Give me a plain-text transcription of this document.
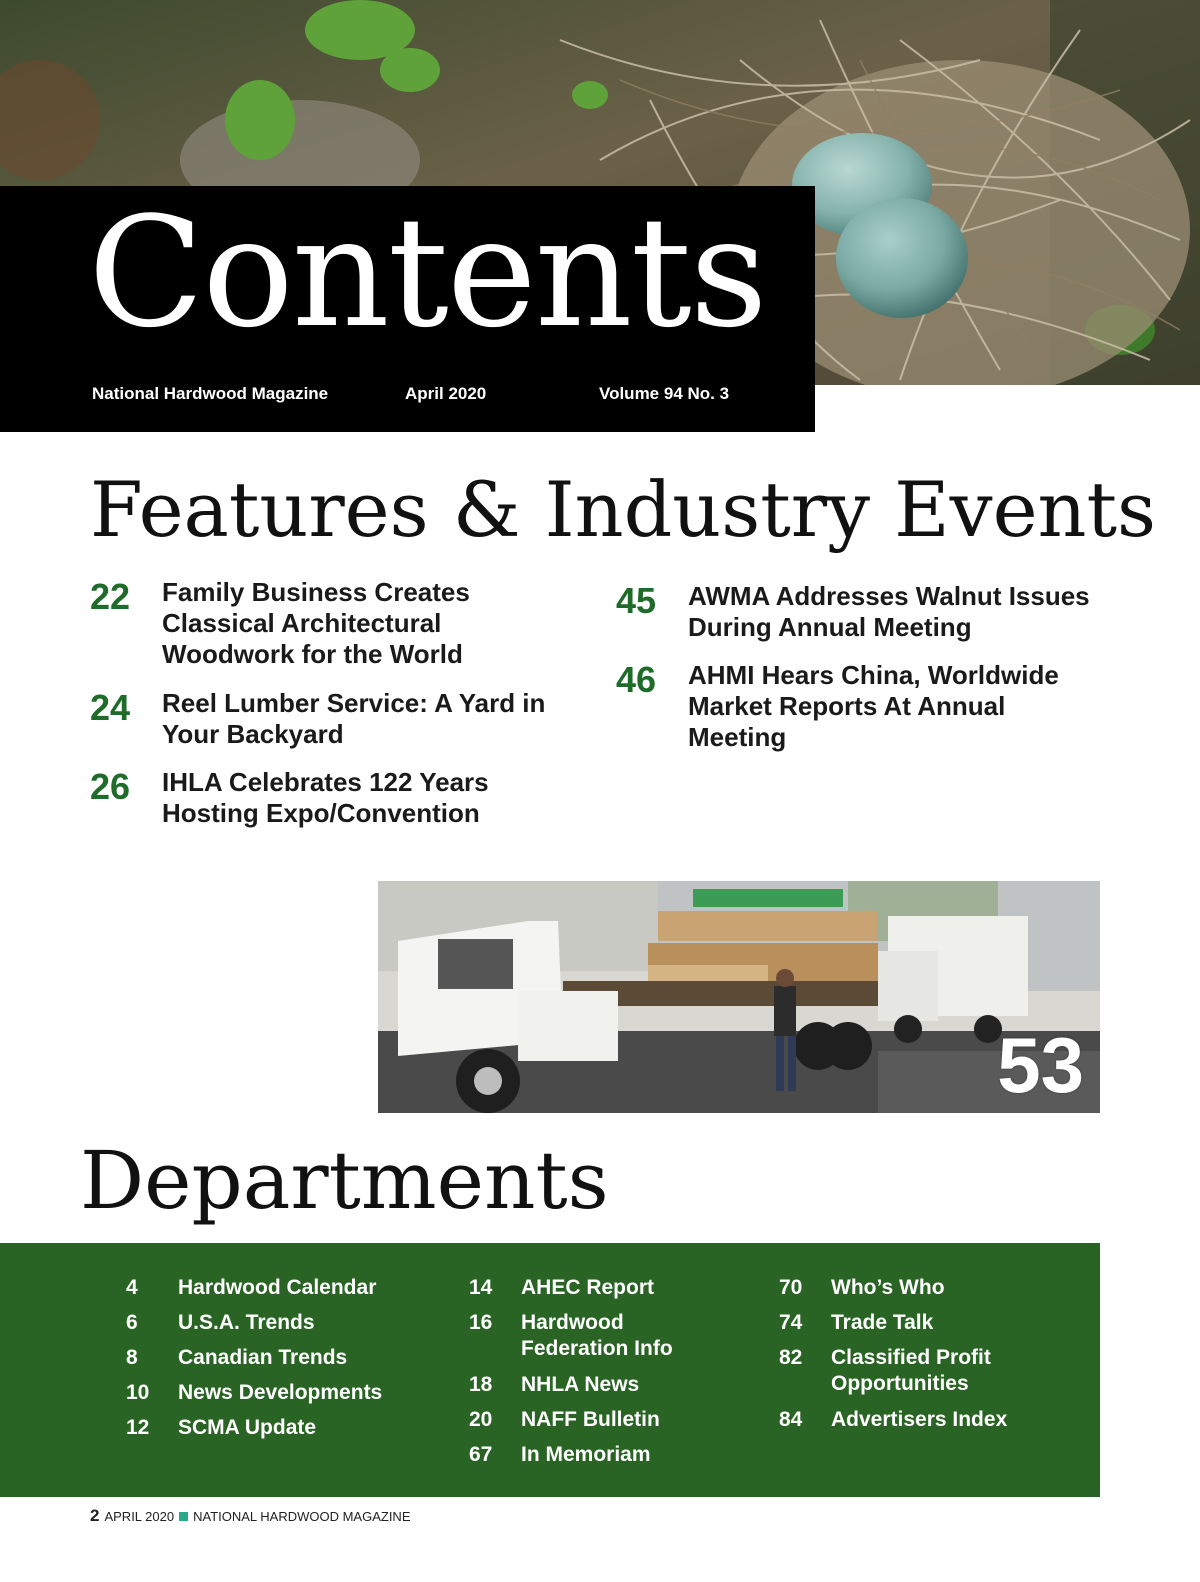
Contents
National Hardwood Magazine	April 2020	Volume 94 No. 3
Features & Industry Events
22	Family Business Creates Classical Architectural Woodwork for the World
24	Reel Lumber Service: A Yard in Your Backyard
26	IHLA Celebrates 122 Years Hosting Expo/Convention
45	AWMA Addresses Walnut Issues During Annual Meeting
46	AHMI Hears China, Worldwide Market Reports At Annual Meeting
53
Departments
4 Hardwood Calendar
6 U.S.A. Trends
8 Canadian Trends
10 News Developments
12 SCMA Update
14 AHEC Report
16 Hardwood Federation Info
18 NHLA News
20 NAFF Bulletin
67 In Memoriam
70 Who’s Who
74 Trade Talk
82 Classified Profit Opportunities
84 Advertisers Index
2 APRIL 2020 NATIONAL HARDWOOD MAGAZINE
